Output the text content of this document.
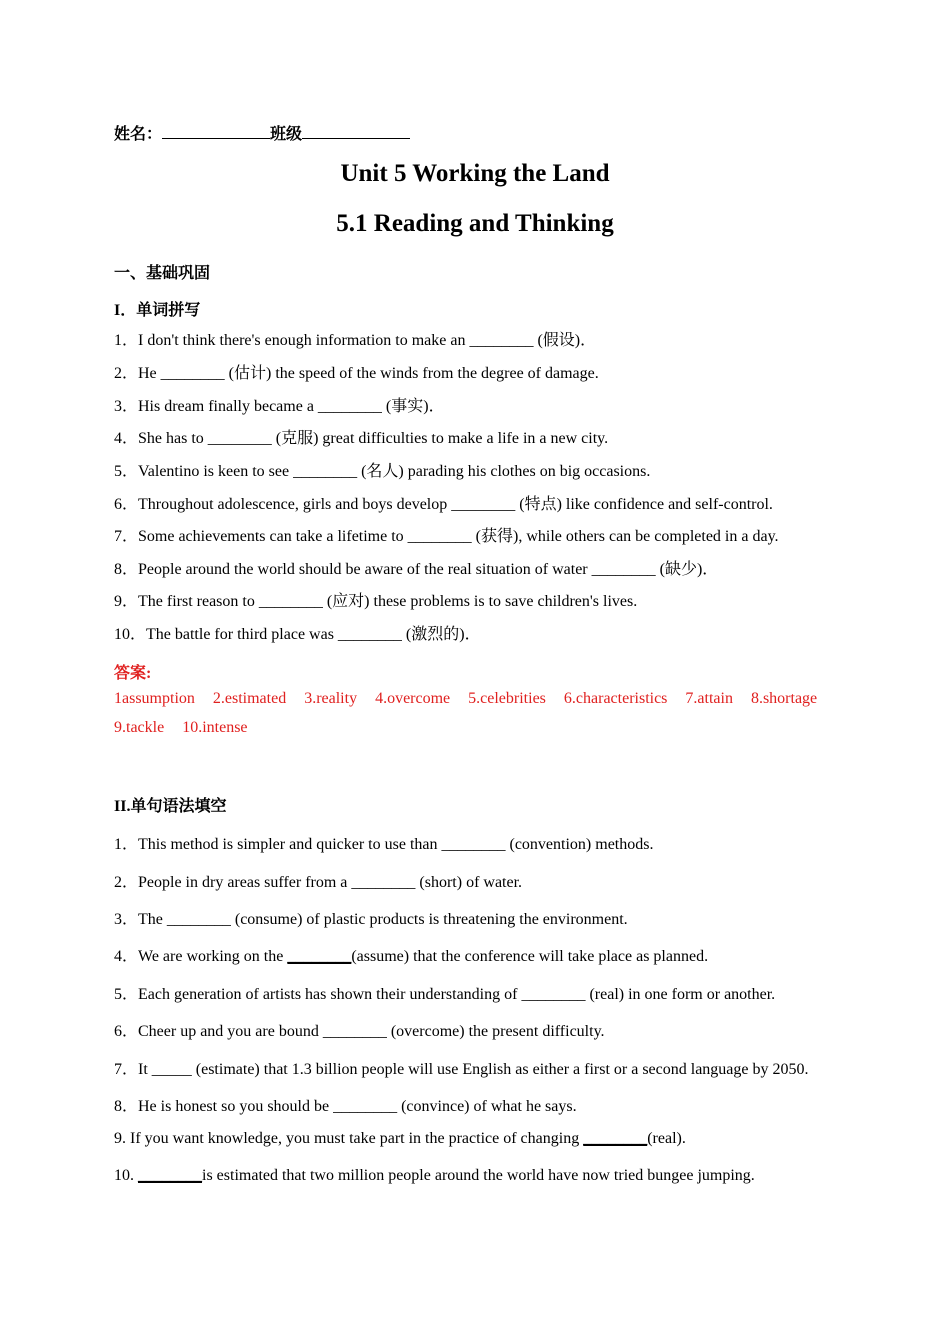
姓名：	班级
Unit 5 Working the Land
5.1 Reading and Thinking
一、基础巩固
I．单词拼写
1．I don't think there's enough information to make an ________ (假设)．
2．He ________ (估计) the speed of the winds from the degree of damage.
3．His dream finally became a ________ (事实)．
4．She has to ________ (克服) great difficulties to make a life in a new city.
5．Valentino is keen to see ________ (名人) parading his clothes on big occasions.
6．Throughout adolescence, girls and boys develop ________ (特点) like confidence and self-control.
7．Some achievements can take a lifetime to ________ (获得), while others can be completed in a day.
8．People around the world should be aware of the real situation of water ________ (缺少)．
9．The first reason to ________ (应对) these problems is to save children's lives.
10．The battle for third place was ________ (激烈的)．
答案:
1assumption 2.estimated 3.reality 4.overcome 5.celebrities 6.characteristics 7.attain 8.shortage
9.tackle 10.intense
II.单句语法填空
1．This method is simpler and quicker to use than ________ (convention) methods.
2．People in dry areas suffer from a ________ (short) of water.
3．The ________ (consume) of plastic products is threatening the environment.
4．We are working on the ________(assume) that the conference will take place as planned.
5．Each generation of artists has shown their understanding of ________ (real) in one form or another.
6．Cheer up and you are bound ________ (overcome) the present difficulty.
7．It _____ (estimate) that 1.3 billion people will use English as either a first or a second language by 2050.
8．He is honest so you should be ________ (convince) of what he says.
9. If you want knowledge, you must take part in the practice of changing ________(real).
10. ________is estimated that two million people around the world have now tried bungee jumping.
